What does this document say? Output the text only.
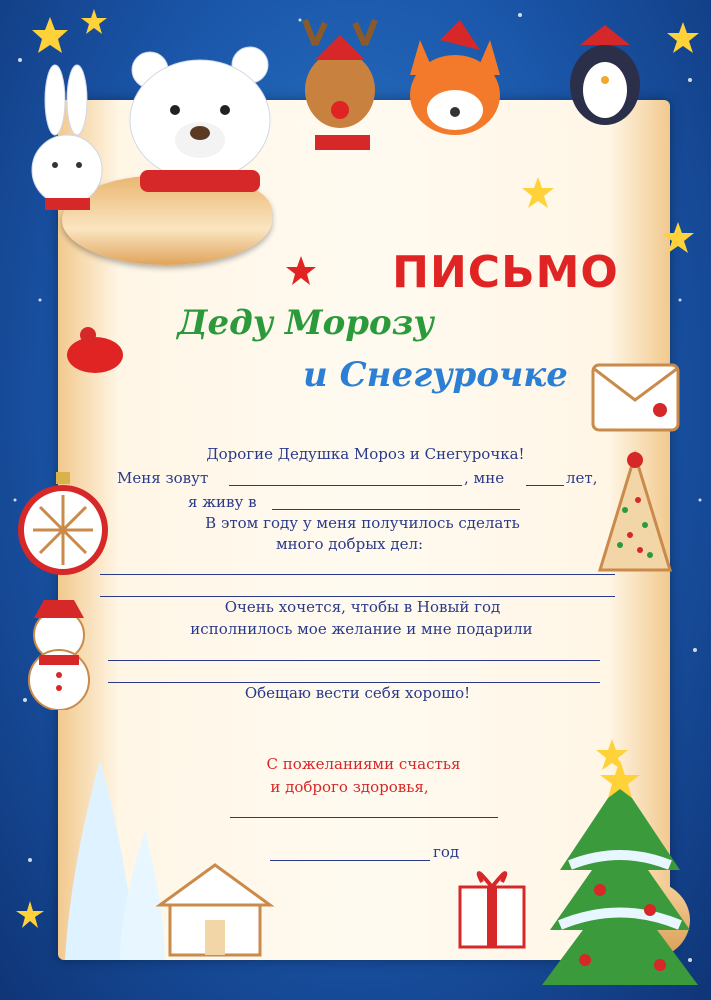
ПИСЬМО
Деду Морозу
и Снегурочке
Дорогие Дедушка Мороз и Снегурочка!
Меня зовут	, мне	лет,
я живу в
В этом году у меня получилось сделать
много добрых дел:
Очень хочется, чтобы в Новый год
исполнилось мое желание и мне подарили
Обещаю вести себя хорошо!
С пожеланиями счастья
и доброго здоровья,
год
